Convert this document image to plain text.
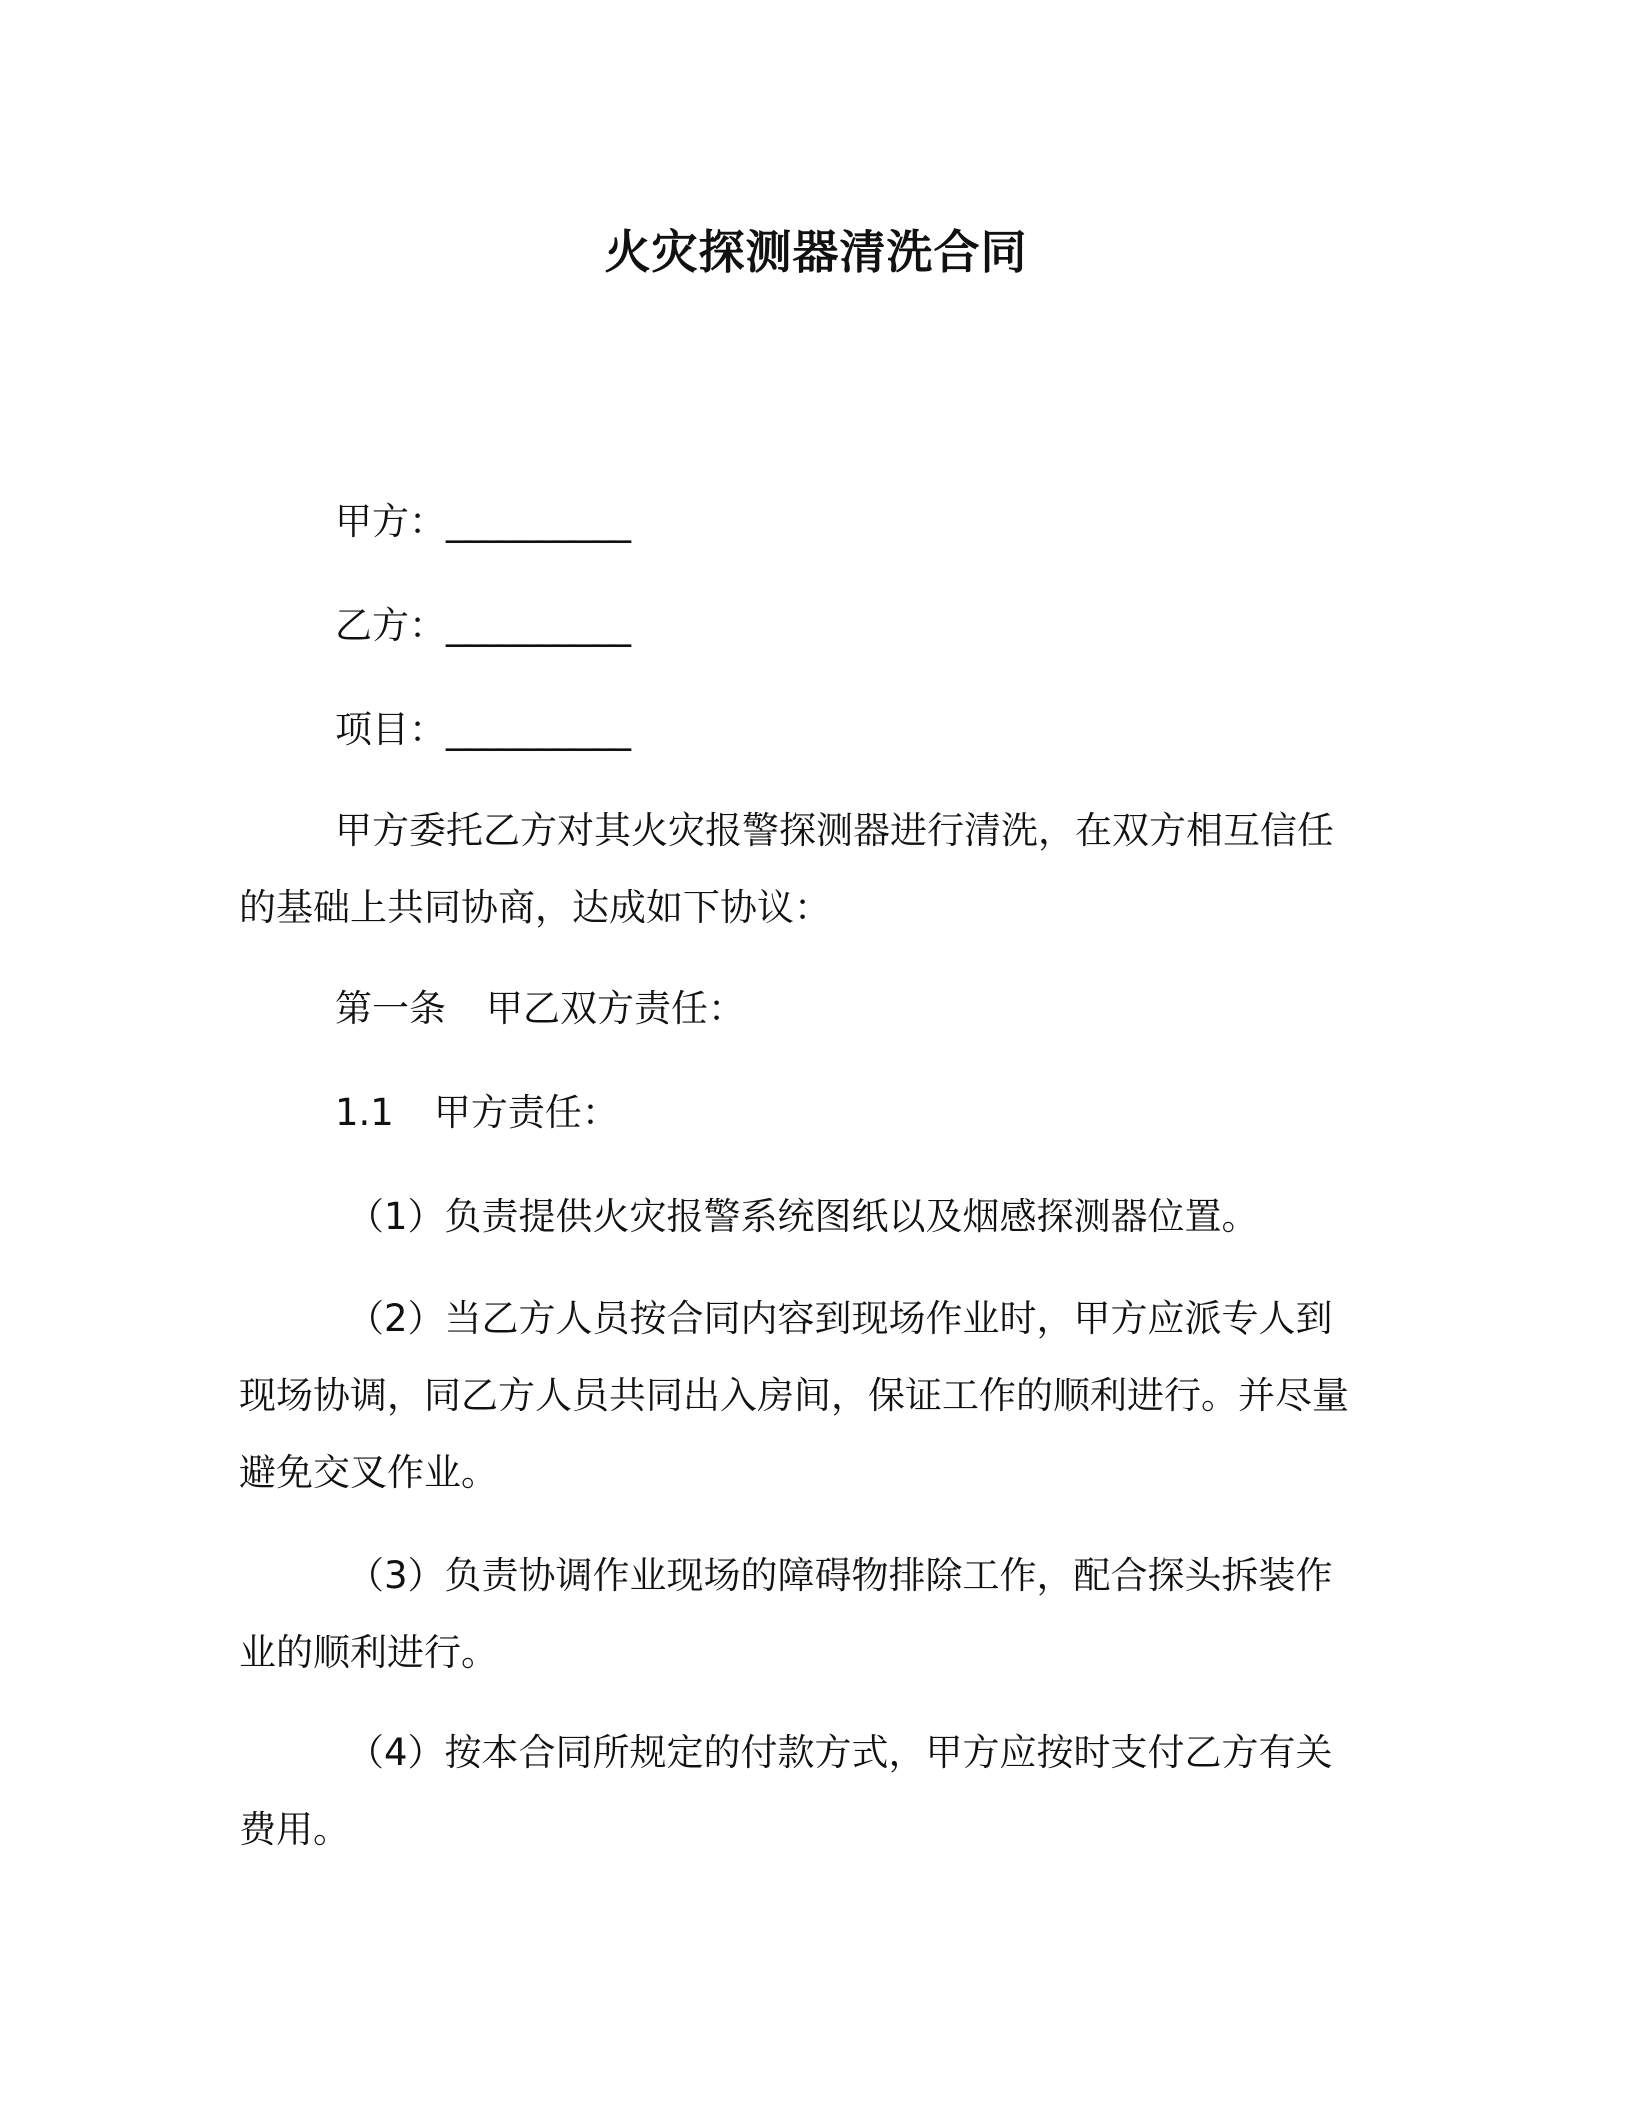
火灾探测器清洗合同
甲方：__________
乙方：__________
项目：__________
甲方委托乙方对其火灾报警探测器进行清洗，在双方相互信任的基础上共同协商，达成如下协议：
第一条 甲乙双方责任：
1.1 甲方责任：
（1）负责提供火灾报警系统图纸以及烟感探测器位置。
（2）当乙方人员按合同内容到现场作业时，甲方应派专人到现场协调，同乙方人员共同出入房间，保证工作的顺利进行。并尽量避免交叉作业。
（3）负责协调作业现场的障碍物排除工作，配合探头拆装作业的顺利进行。
（4）按本合同所规定的付款方式，甲方应按时支付乙方有关费用。
